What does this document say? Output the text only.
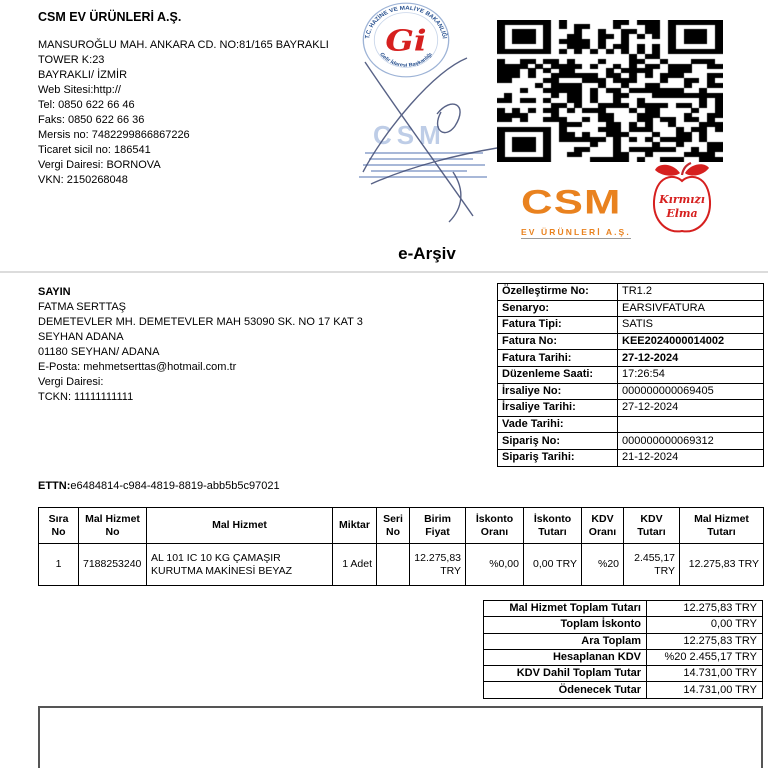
CSM EV ÜRÜNLERİ A.Ş.
MANSUROĞLU MAH. ANKARA CD. NO:81/165 BAYRAKLI TOWER K:23
BAYRAKLI/ İZMİR
Web Sitesi:http://
Tel: 0850 622 66 46
Faks: 0850 622 66 36
Mersis no: 7482299866867226
Ticaret sicil no: 186541
Vergi Dairesi: BORNOVA
VKN: 2150268048
T.C. HAZİNE VE MALİYE BAKANLIĞI
Gelir İdaresi Başkanlığı
Gi
CSM
CSM
EV ÜRÜNLERİ A.Ş.
Kırmızı
Elma
e-Arşiv
SAYIN
FATMA SERTTAŞ
DEMETEVLER MH. DEMETEVLER MAH 53090 SK. NO 17 KAT 3 SEYHAN ADANA
01180 SEYHAN/ ADANA
E-Posta: mehmetserttas@hotmail.com.tr
Vergi Dairesi:
TCKN: 11111111111
Özelleştirme No:	TR1.2
Senaryo:	EARSIVFATURA
Fatura Tipi:	SATIS
Fatura No:	KEE2024000014002
Fatura Tarihi:	27-12-2024
Düzenleme Saati:	17:26:54
İrsaliye No:	000000000069405
İrsaliye Tarihi:	27-12-2024
Vade Tarihi:	
Sipariş No:	000000000069312
Sipariş Tarihi:	21-12-2024
ETTN:e6484814-c984-4819-8819-abb5b5c97021
Sıra No	Mal Hizmet No	Mal Hizmet	Miktar	Seri No	Birim Fiyat	İskonto Oranı	İskonto Tutarı	KDV Oranı	KDV Tutarı	Mal Hizmet Tutarı
1	7188253240	AL 101 IC 10 KG ÇAMAŞIR KURUTMA MAKİNESİ BEYAZ	1 Adet		12.275,83 TRY	%0,00	0,00 TRY	%20	2.455,17 TRY	12.275,83 TRY
Mal Hizmet Toplam Tutarı	12.275,83 TRY
Toplam İskonto	0,00 TRY
Ara Toplam	12.275,83 TRY
Hesaplanan KDV	%20 2.455,17 TRY
KDV Dahil Toplam Tutar	14.731,00 TRY
Ödenecek Tutar	14.731,00 TRY
